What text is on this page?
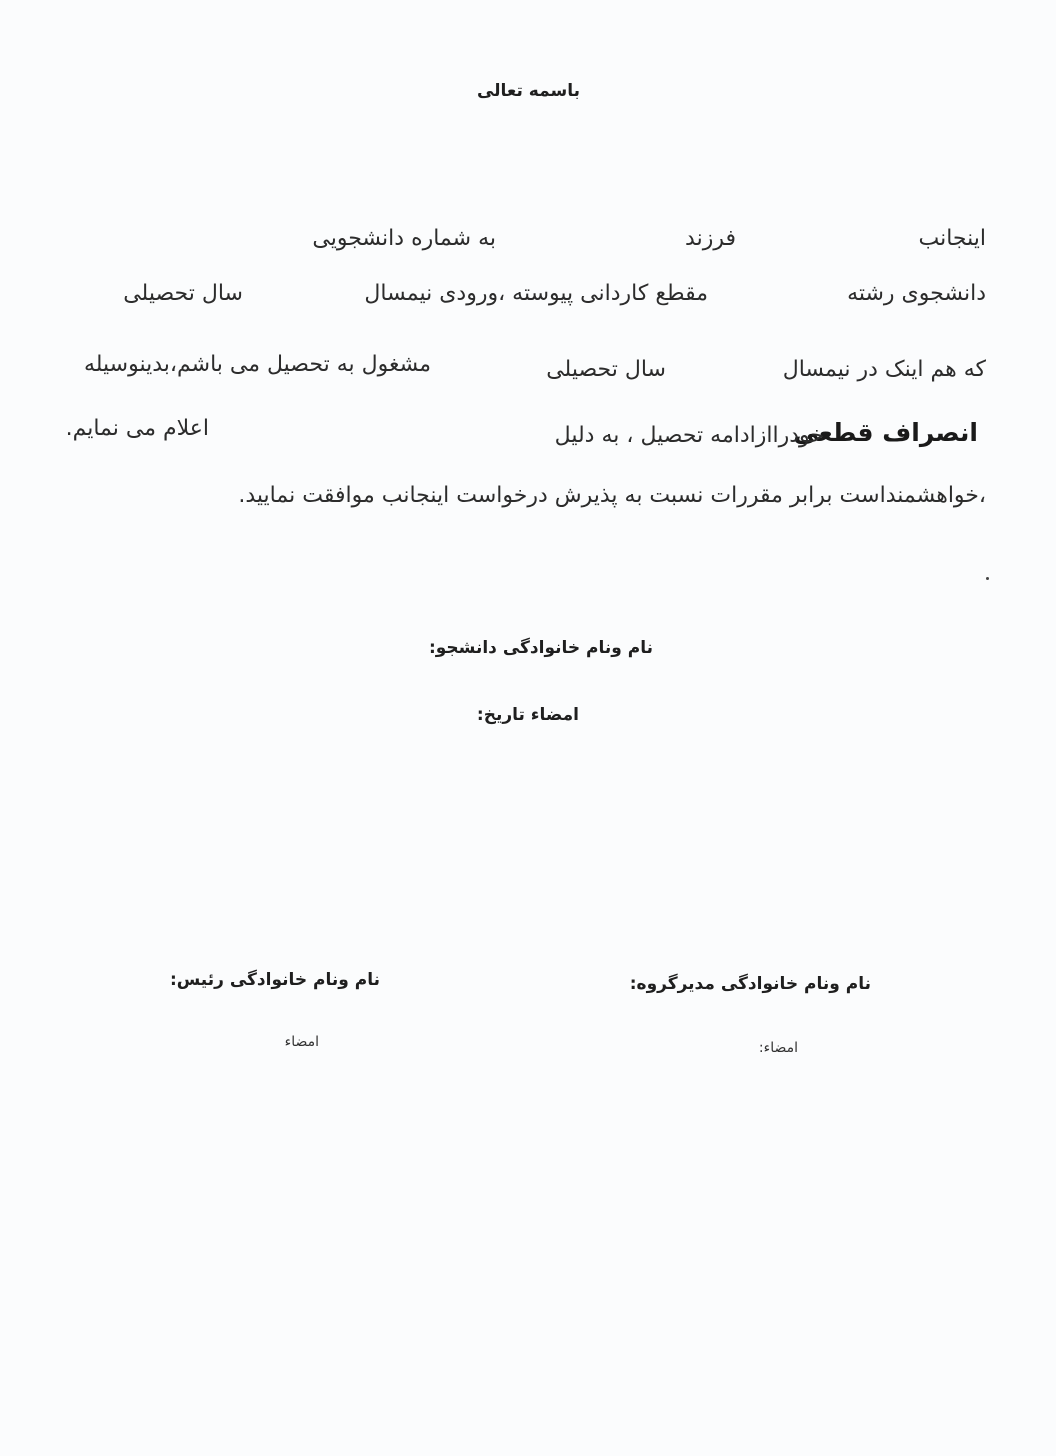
باسمه تعالی
اینجانب
فرزند
به شماره دانشجویی
دانشجوی رشته
مقطع کاردانی پیوسته ،ورودی نیمسال
سال تحصیلی
که هم اینک در نیمسال
سال تحصیلی
مشغول به تحصیل می باشم،بدینوسیله
انصراف قطعی
خودراازادامه تحصیل ، به دلیل
اعلام می نمایم.
،خواهشمنداست برابر مقررات نسبت به پذیرش درخواست اینجانب موافقت نمایید.
نام ونام خانوادگی دانشجو:
امضاء تاریخ:
نام ونام خانوادگی مدیرگروه:
امضاء:
نام ونام خانوادگی رئیس:
امضاء
